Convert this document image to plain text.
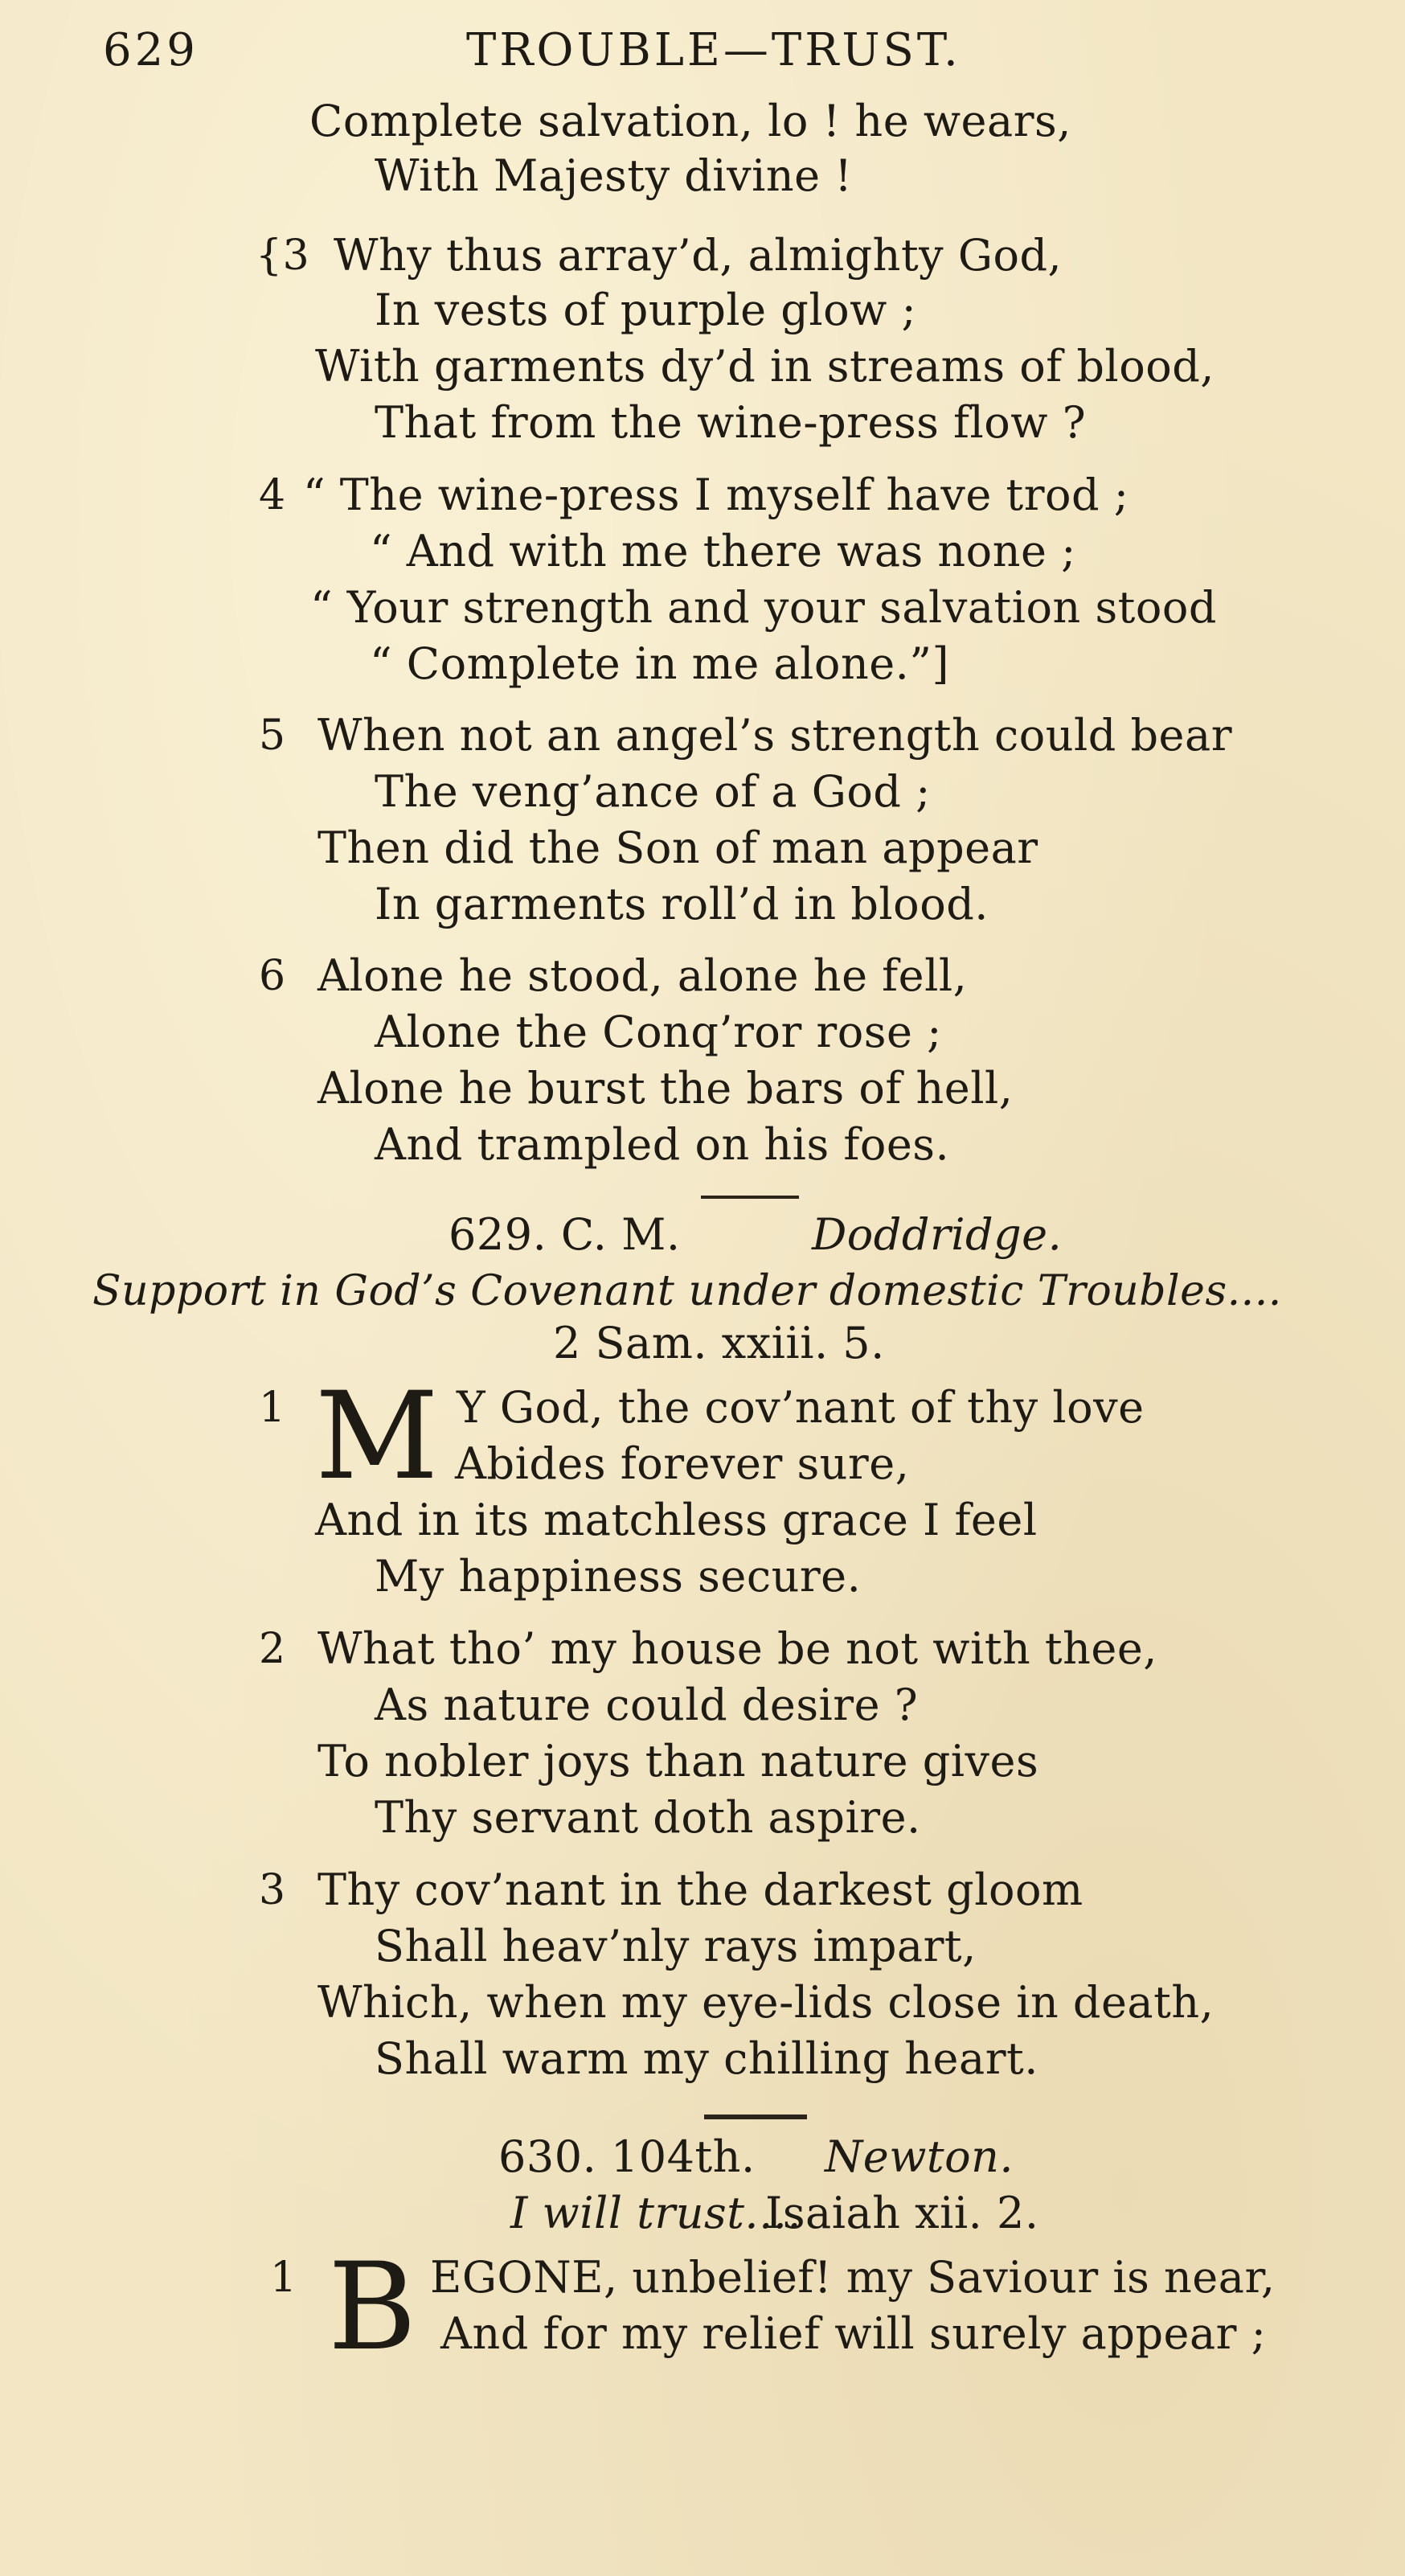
629	TROUBLE—TRUST.
Complete salvation, lo ! he wears,
With Majesty divine !
{3 Why thus array’d, almighty God,
In vests of purple glow ;
With garments dy’d in streams of blood,
That from the wine-press flow ?
4 “ The wine-press I myself have trod ;
“ And with me there was none ;
“ Your strength and your salvation stood
“ Complete in me alone.”]
5 When not an angel’s strength could bear
The veng’ance of a God ;
Then did the Son of man appear
In garments roll’d in blood.
6 Alone he stood, alone he fell,
Alone the Conq’ror rose ;
Alone he burst the bars of hell,
And trampled on his foes.
629. C. M.	Doddridge.
Support in God’s Covenant under domestic Troubles....
2 Sam. xxiii. 5.
1 M Y God, the cov’nant of thy love
Abides forever sure,
And in its matchless grace I feel
My happiness secure.
2 What tho’ my house be not with thee,
As nature could desire ?
To nobler joys than nature gives
Thy servant doth aspire.
3 Thy cov’nant in the darkest gloom
Shall heav’nly rays impart,
Which, when my eye-lids close in death,
Shall warm my chilling heart.
630. 104th. Newton.
I will trust....
Isaiah xii. 2.
1 B EGONE, unbelief! my Saviour is near,
And for my relief will surely appear ;
